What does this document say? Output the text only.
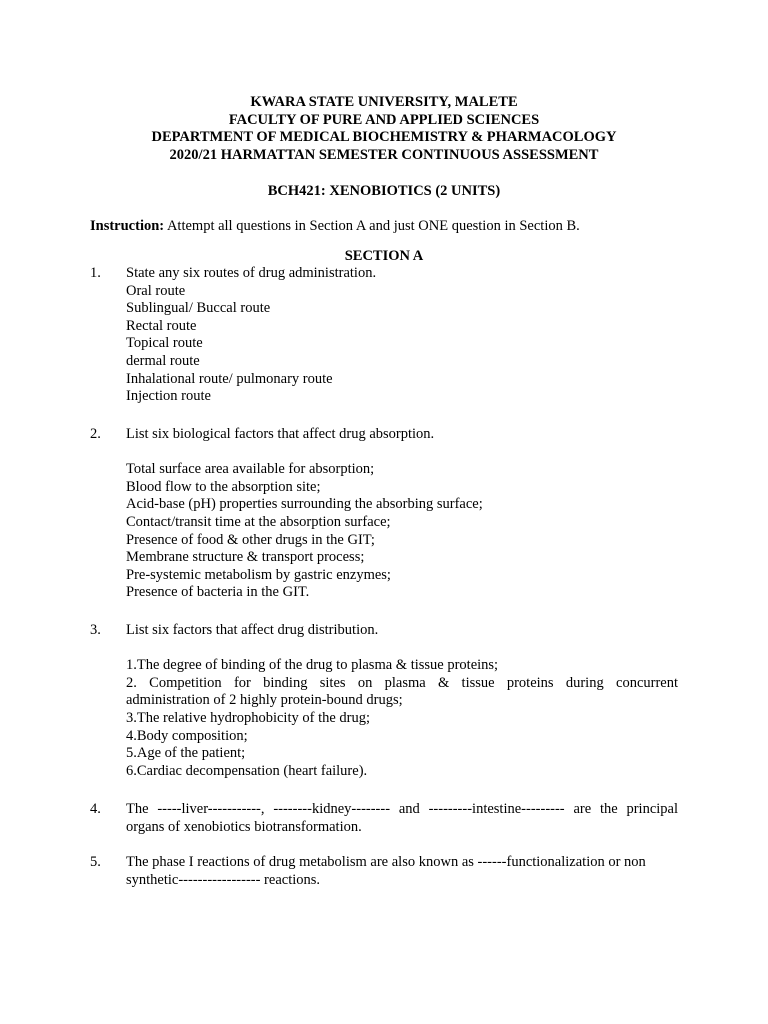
KWARA STATE UNIVERSITY, MALETE
FACULTY OF PURE AND APPLIED SCIENCES
DEPARTMENT OF MEDICAL BIOCHEMISTRY & PHARMACOLOGY
2020/21 HARMATTAN SEMESTER CONTINUOUS ASSESSMENT
BCH421: XENOBIOTICS (2 UNITS)
Instruction: Attempt all questions in Section A and just ONE question in Section B.
SECTION A
1. State any six routes of drug administration.
Oral route
Sublingual/ Buccal route
Rectal route
Topical route
dermal route
Inhalational route/ pulmonary route
Injection route
2. List six biological factors that affect drug absorption.
Total surface area available for absorption;
Blood flow to the absorption site;
Acid-base (pH) properties surrounding the absorbing surface;
Contact/transit time at the absorption surface;
Presence of food & other drugs in the GIT;
Membrane structure & transport process;
Pre-systemic metabolism by gastric enzymes;
Presence of bacteria in the GIT.
3. List six factors that affect drug distribution.
1.The degree of binding of the drug to plasma & tissue proteins;
2. Competition for binding sites on plasma & tissue proteins during concurrent
administration of 2 highly protein-bound drugs;
3.The relative hydrophobicity of the drug;
4.Body composition;
5.Age of the patient;
6.Cardiac decompensation (heart failure).
4. The -----liver-----------, --------kidney-------- and ---------intestine--------- are the principal
organs of xenobiotics biotransformation.
5. The phase I reactions of drug metabolism are also known as ------functionalization or non
synthetic----------------- reactions.
